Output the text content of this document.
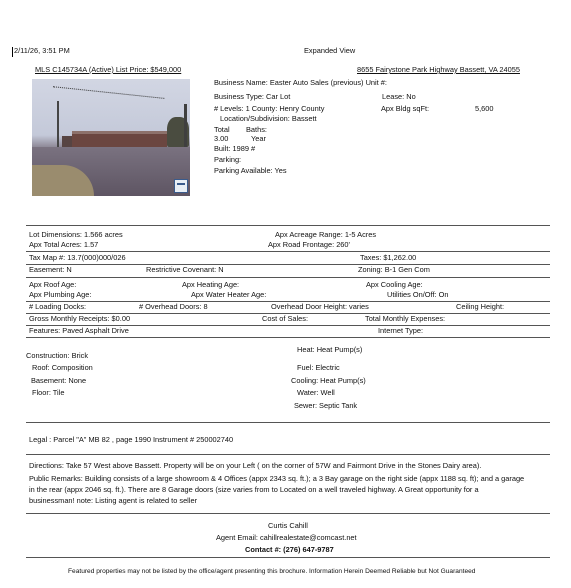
2/11/26, 3:51 PM	Expanded View
MLS C145734A (Active) List Price: $549,000	8655 Fairystone Park Highway Bassett, VA 24055
Business Name: Easter Auto Sales (previous) Unit #:
Business Type: Car Lot	Lease: No
# Levels: 1 County: Henry County	Apx Bldg sqFt:	5,600
Location/Subdivision: Bassett
Total Baths:
3.00	Year
Built: 1989 #
Parking:
Parking Available: Yes
Lot Dimensions: 1.566 acres	Apx Acreage Range: 1-5 Acres
Apx Total Acres: 1.57	Apx Road Frontage: 260'
Tax Map #: 13.7(000)000/026	Taxes: $1,262.00
Easement: N	Restrictive Covenant: N	Zoning: B-1 Gen Com
Apx Roof Age:	Apx Heating Age:	Apx Cooling Age:
Apx Plumbing Age:	Apx Water Heater Age:	Utilities On/Off: On
# Loading Docks:	# Overhead Doors: 8	Overhead Door Height: varies	Ceiling Height:
Gross Monthly Receipts: $0.00	Cost of Sales:	Total Monthly Expenses:
Features: Paved Asphalt Drive	Internet Type:
Heat: Heat Pump(s)
Construction: Brick
Roof: Composition	Fuel: Electric
Basement: None	Cooling: Heat Pump(s)
Floor: Tile	Water: Well
Sewer: Septic Tank
Legal : Parcel "A" MB 82 , page 1990 Instrument # 250002740
Directions: Take 57 West above Bassett. Property will be on your Left ( on the corner of 57W and Fairmont Drive in the Stones Dairy area).
Public Remarks: Building consists of a large showroom & 4 Offices (appx 2343 sq. ft.); a 3 Bay garage on the right side (appx 1188 sq. ft); and a garage
in the rear (appx 2046 sq. ft.). There are 8 Garage doors (size varies from to Located on a well traveled highway. A Great opportunity for a
businessman! note: Listing agent is related to seller
Curtis Cahill
Agent Email: cahillrealestate@comcast.net
Contact #: (276) 647-9787
Featured properties may not be listed by the office/agent presenting this brochure. Information Herein Deemed Reliable but Not Guaranteed
